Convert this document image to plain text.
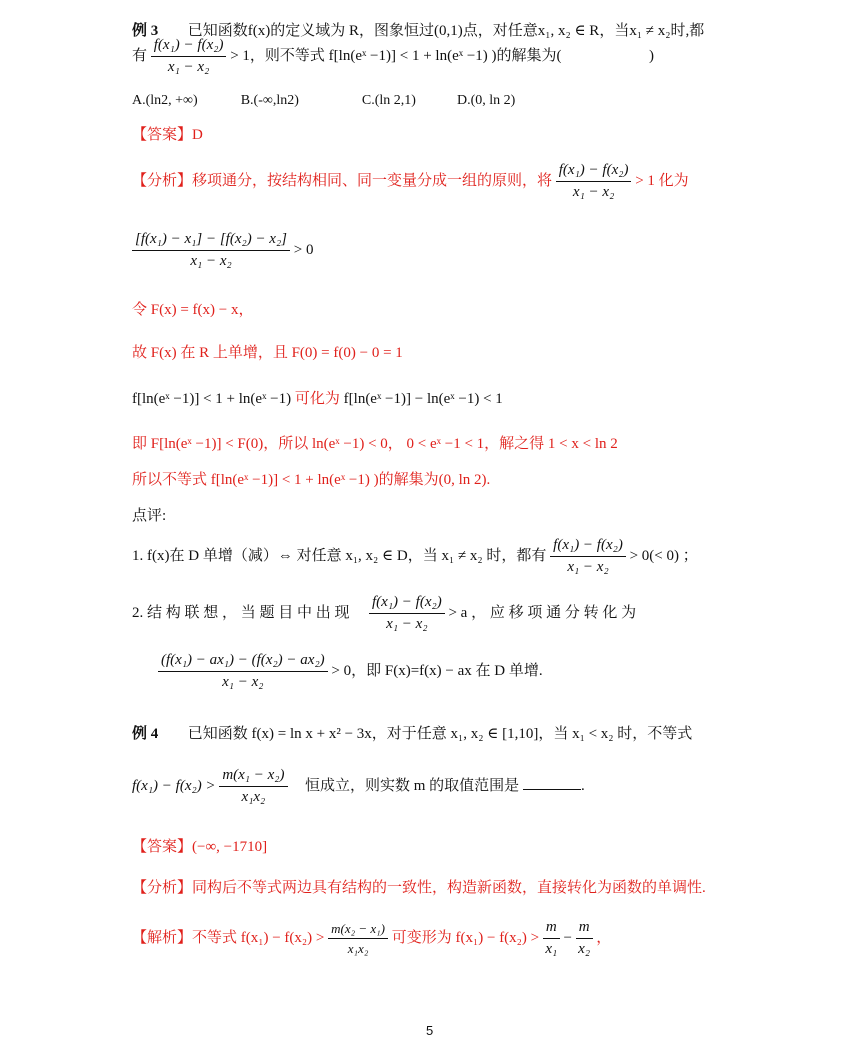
例 3 已知函数f(x)的定义域为 R，图象恒过(0,1)点，对任意x₁, x₂ ∈ R，当x₁ ≠ x₂时,都
有 $\frac{\text{f(x₁) − f(x₂)}}{\text{x₁ − x₂}} > 1$，则不等式 f[ln(eˣ −1)] < 1 + ln(eˣ −1) )的解集为(	)
A.(ln2, +∞)	B.(-∞,ln2)	C.(ln 2,1)	D.(0, ln 2)
【答案】D
【分析】移项通分，按结构相同、同一变量分成一组的原则，将 $\frac{\text{f(x₁) − f(x₂)}}{\text{x₁ − x₂}} > 1$ 化为
$\frac{\text{[f(x₁) − x₁] − [f(x₂) − x₂]}}{\text{x₁ − x₂}} > 0$
令 F(x) = f(x) − x，
故 F(x) 在 R 上单增，且 F(0) = f(0) − 0 = 1
f[ln(eˣ −1)] < 1 + ln(eˣ −1) 可化为 f[ln(eˣ −1)] − ln(eˣ −1) < 1
即 F[ln(eˣ −1)] < F(0)，所以 ln(eˣ −1) < 0， 0 < eˣ −1 < 1，解之得 1 < x < ln 2
所以不等式 f[ln(eˣ −1)] < 1 + ln(eˣ −1) )的解集为(0, ln 2).
点评:
1. f(x)在 D 单增（减）⇔ 对任意 x₁, x₂ ∈ D，当 x₁ ≠ x₂ 时，都有 $\frac{\text{f(x₁) − f(x₂)}}{\text{x₁ − x₂}} > 0(< 0)$ ；
2. 结 构 联 想 ， 当 题 目 中 出 现 $\frac{\text{f(x₁) − f(x₂)}}{\text{x₁ − x₂}} > a$ ， 应 移 项 通 分 转 化 为
$\frac{\text{(f(x₁) − ax₁) − (f(x₂) − ax₂)}}{\text{x₁ − x₂}} > 0$，即 F(x)=f(x) − ax 在 D 单增.
例 4 已知函数 f(x) = ln x + x² − 3x，对于任意 x₁, x₂ ∈ [1,10]，当 x₁ < x₂ 时，不等式
$f(x_1) - f(x_2) > \frac{\text{m(x₁ − x₂)}}{\text{x₁x₂}}$ 恒成立，则实数 m 的取值范围是	.
【答案】(−∞, −1710]
【分析】同构后不等式两边具有结构的一致性，构造新函数，直接转化为函数的单调性.
【解析】不等式 $f(x_1) - f(x_2) > \frac{\text{m(x₂ − x₁)}}{\text{x₁x₂}}$ 可变形为 $f(x_1) - f(x_2) > \frac{m}{\text{x₁}} - \frac{m}{\text{x₂}}$ ，
5
